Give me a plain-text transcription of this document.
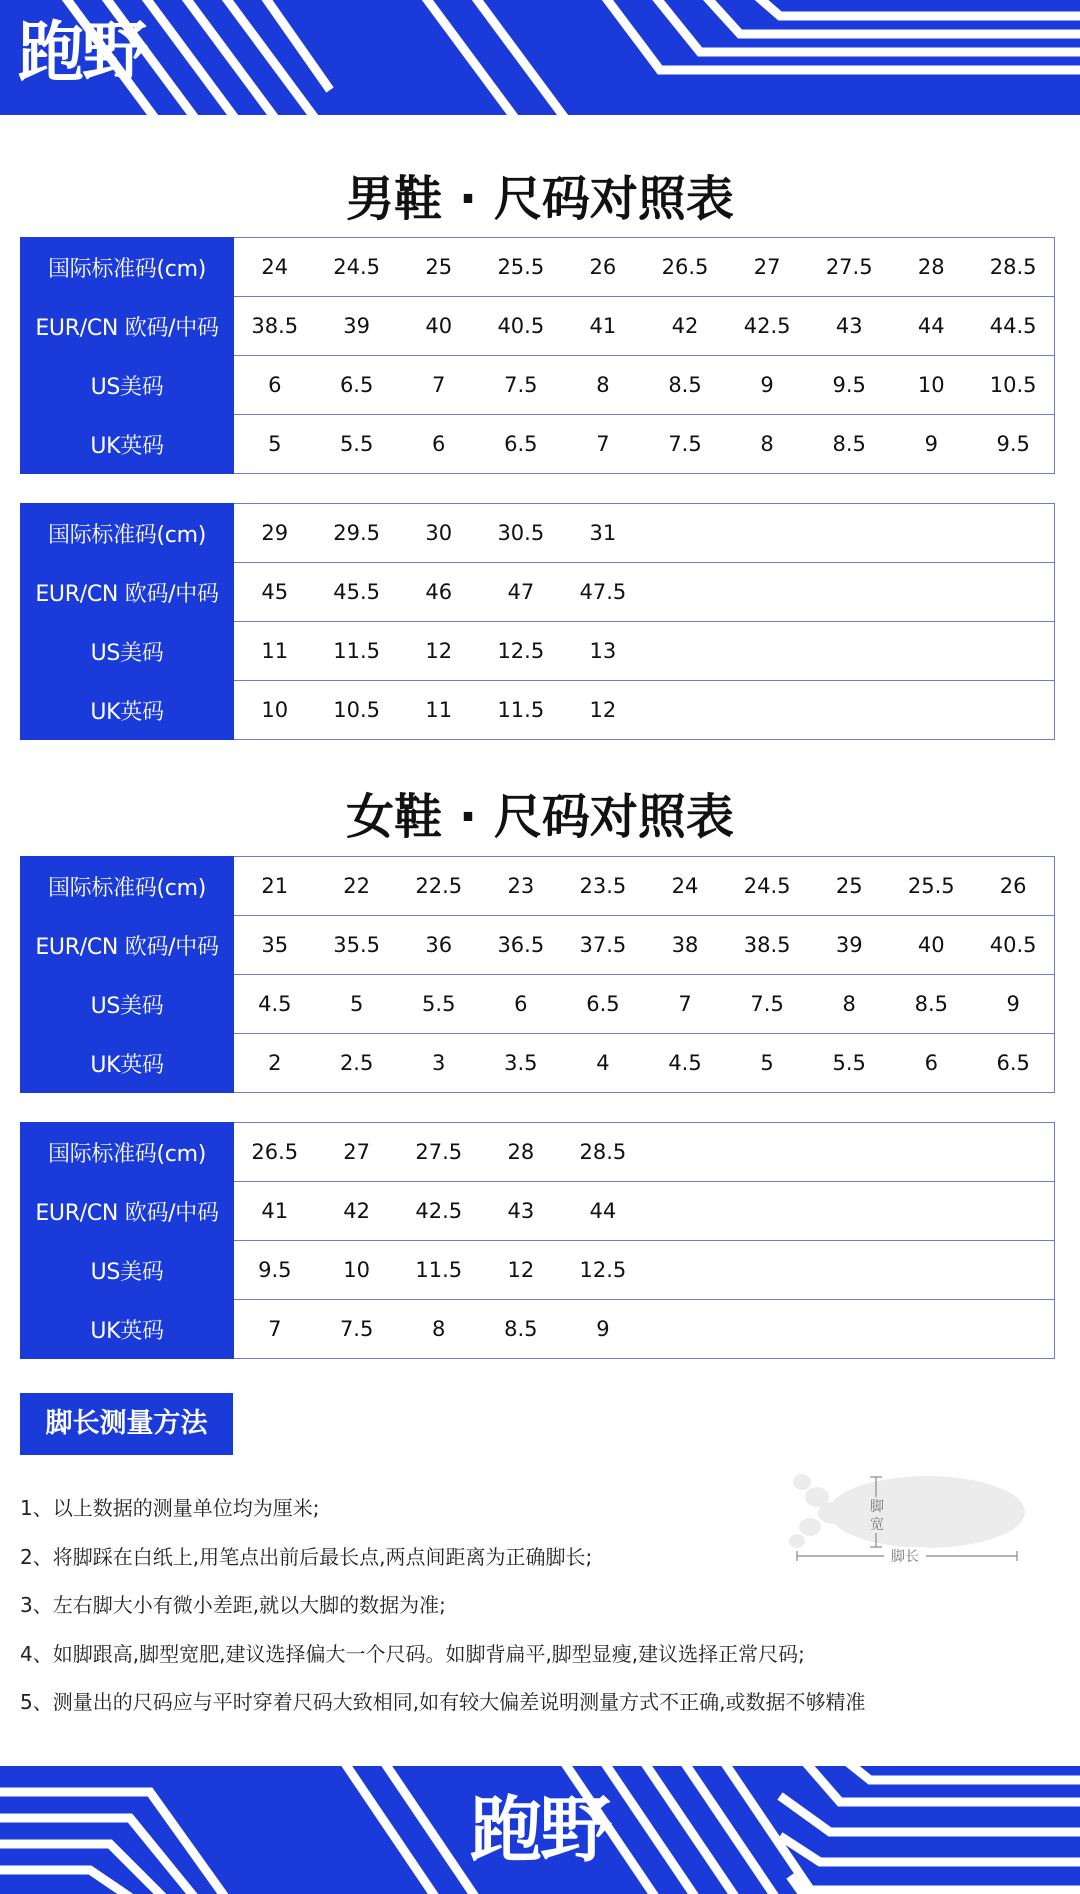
跑野
男鞋 · 尺码对照表
国际标准码(cm)	24	24.5	25	25.5	26	26.5	27	27.5	28	28.5
EUR/CN 欧码/中码	38.5	39	40	40.5	41	42	42.5	43	44	44.5
US美码	6	6.5	7	7.5	8	8.5	9	9.5	10	10.5
UK英码	5	5.5	6	6.5	7	7.5	8	8.5	9	9.5
国际标准码(cm)	29	29.5	30	30.5	31					
EUR/CN 欧码/中码	45	45.5	46	47	47.5					
US美码	11	11.5	12	12.5	13					
UK英码	10	10.5	11	11.5	12					
女鞋 · 尺码对照表
国际标准码(cm)	21	22	22.5	23	23.5	24	24.5	25	25.5	26
EUR/CN 欧码/中码	35	35.5	36	36.5	37.5	38	38.5	39	40	40.5
US美码	4.5	5	5.5	6	6.5	7	7.5	8	8.5	9
UK英码	2	2.5	3	3.5	4	4.5	5	5.5	6	6.5
国际标准码(cm)	26.5	27	27.5	28	28.5					
EUR/CN 欧码/中码	41	42	42.5	43	44					
US美码	9.5	10	11.5	12	12.5					
UK英码	7	7.5	8	8.5	9					
脚长测量方法
1、以上数据的测量单位均为厘米;
2、将脚踩在白纸上,用笔点出前后最长点,两点间距离为正确脚长;
3、左右脚大小有微小差距,就以大脚的数据为准;
4、如脚跟高,脚型宽肥,建议选择偏大一个尺码。如脚背扁平,脚型显瘦,建议选择正常尺码;
5、测量出的尺码应与平时穿着尺码大致相同,如有较大偏差说明测量方式不正确,或数据不够精准
脚
宽
脚长
跑野
